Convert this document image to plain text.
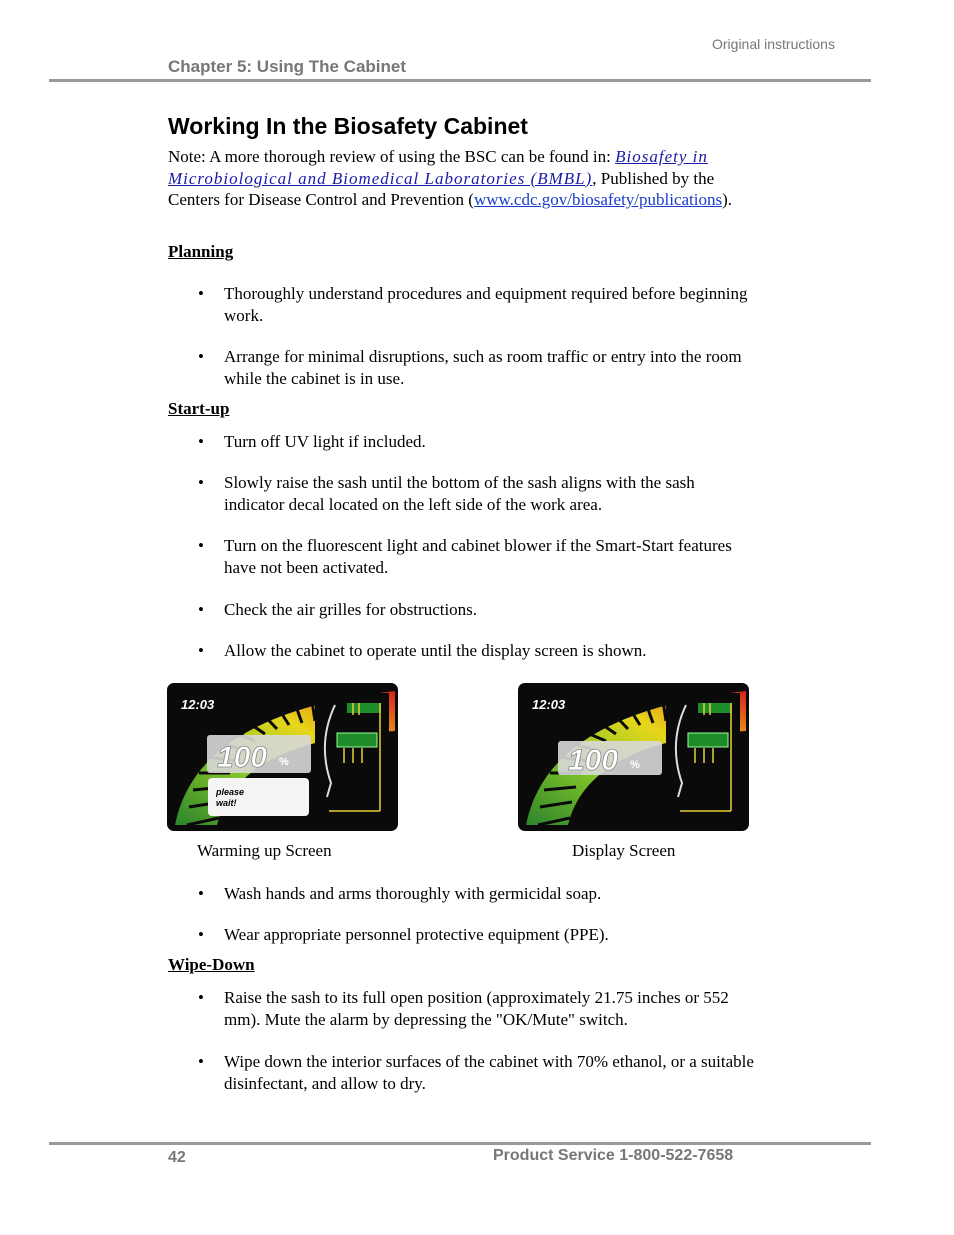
Original instructions
Chapter 5: Using The Cabinet
Working In the Biosafety Cabinet

Note: A more thorough review of using the BSC can be found in: Biosafety in Microbiological and Biomedical Laboratories (BMBL), Published by the Centers for Disease Control and Prevention (www.cdc.gov/biosafety/publications).

Planning

• Thoroughly understand procedures and equipment required before beginning work.

• Arrange for minimal disruptions, such as room traffic or entry into the room while the cabinet is in use.

Start-up

• Turn off UV light if included.

• Slowly raise the sash until the bottom of the sash aligns with the sash indicator decal located on the left side of the work area.

• Turn on the fluorescent light and cabinet blower if the Smart-Start features have not been activated.

• Check the air grilles for obstructions.

• Allow the cabinet to operate until the display screen is shown.

12:03
100 %
please
wait!
12:03
100 %
Warming up Screen	Display Screen

• Wash hands and arms thoroughly with germicidal soap.

• Wear appropriate personnel protective equipment (PPE).

Wipe-Down

• Raise the sash to its full open position (approximately 21.75 inches or 552 mm). Mute the alarm by depressing the "OK/Mute" switch.

• Wipe down the interior surfaces of the cabinet with 70% ethanol, or a suitable disinfectant, and allow to dry.

42	Product Service 1-800-522-7658
